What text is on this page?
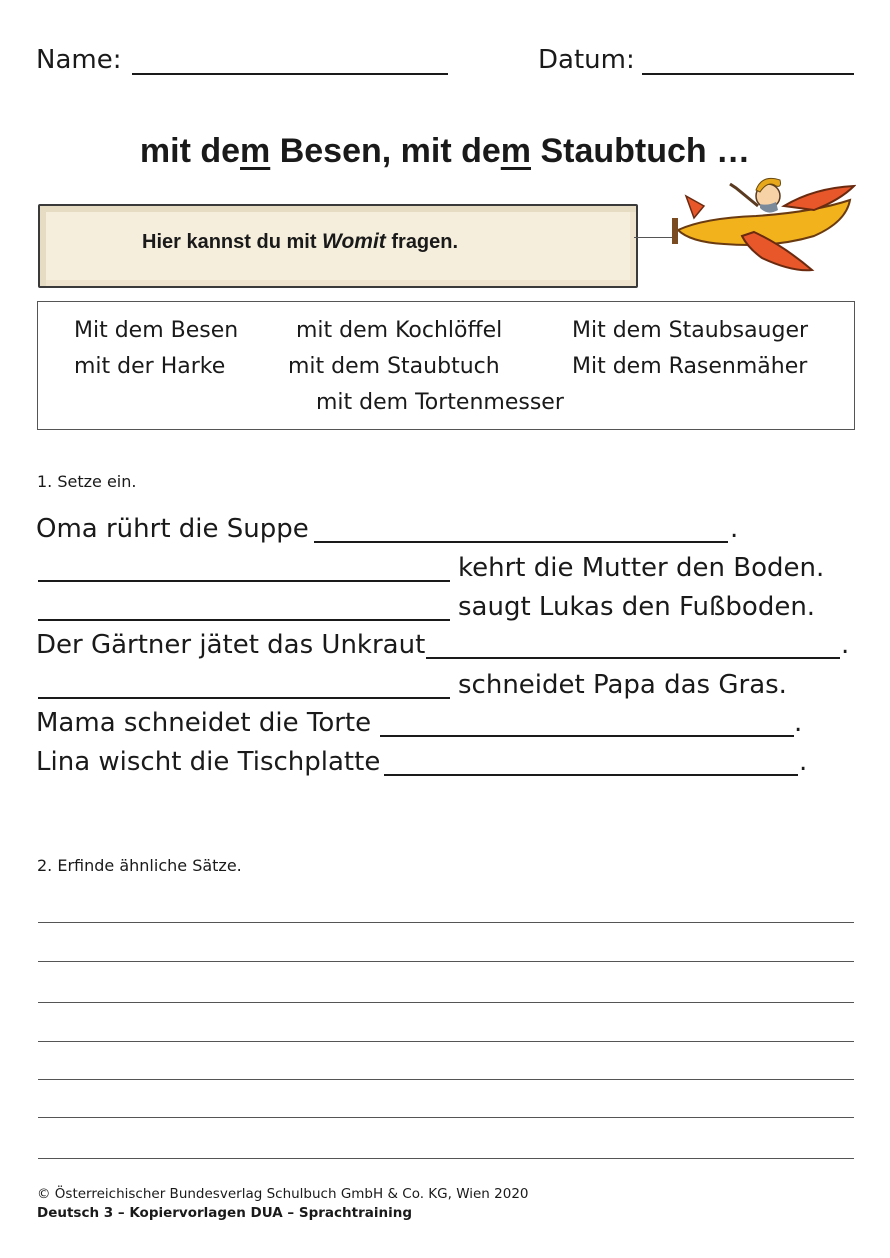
Name:	Datum:
mit dem Besen, mit dem Staubtuch …
Hier kannst du mit Womit fragen.
Mit dem Besen	mit dem Kochlöffel	Mit dem Staubsauger
mit der Harke	mit dem Staubtuch	Mit dem Rasenmäher
mit dem Tortenmesser
1. Setze ein.
Oma rührt die Suppe	.
kehrt die Mutter den Boden.
saugt Lukas den Fußboden.
Der Gärtner jätet das Unkraut	.
schneidet Papa das Gras.
Mama schneidet die Torte	.
Lina wischt die Tischplatte	.
2. Erfinde ähnliche Sätze.
© Österreichischer Bundesverlag Schulbuch GmbH & Co. KG, Wien 2020
Deutsch 3 – Kopiervorlagen DUA – Sprachtraining
